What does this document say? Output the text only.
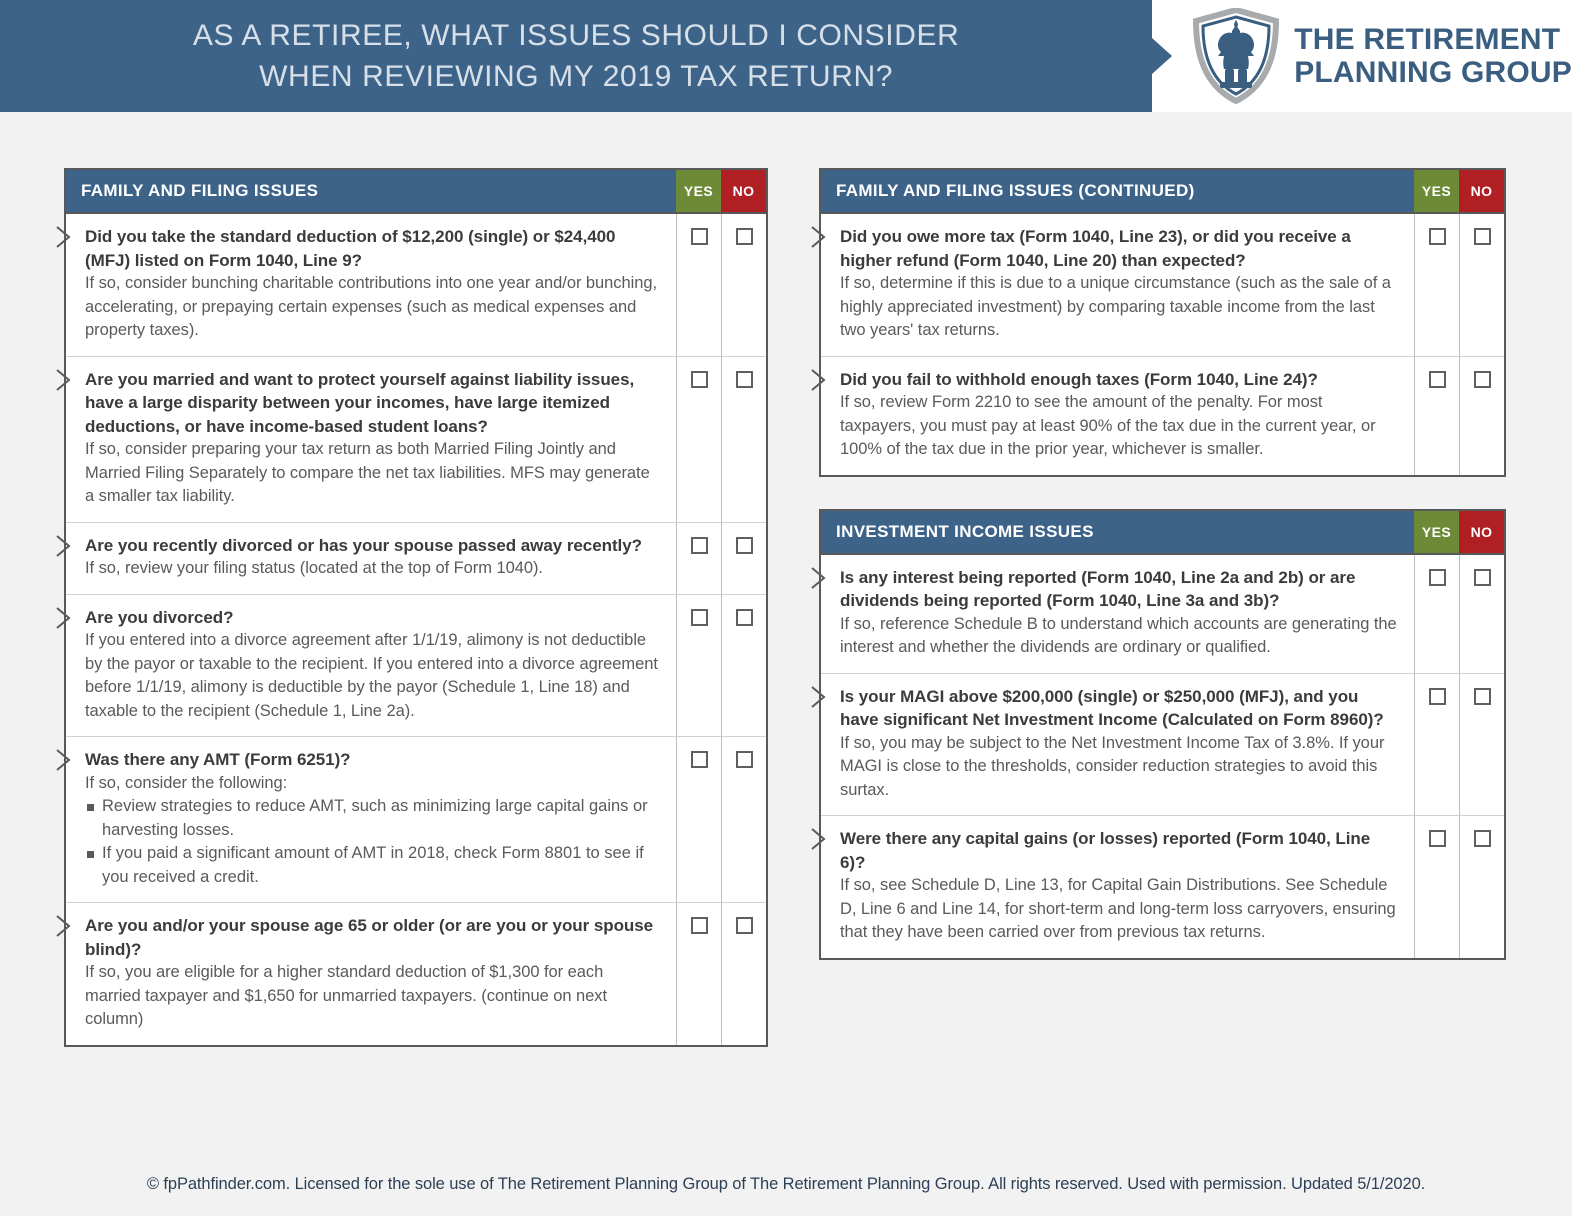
AS A RETIREE, WHAT ISSUES SHOULD I CONSIDER
WHEN REVIEWING MY 2019 TAX RETURN?
THE RETIREMENT
PLANNING GROUP
FAMILY AND FILING ISSUES	YES	NO
Did you take the standard deduction of $12,200 (single) or $24,400 (MFJ) listed on Form 1040, Line 9?
If so, consider bunching charitable contributions into one year and/or bunching, accelerating, or prepaying certain expenses (such as medical expenses and property taxes).
Are you married and want to protect yourself against liability issues, have a large disparity between your incomes, have large itemized deductions, or have income-based student loans?
If so, consider preparing your tax return as both Married Filing Jointly and Married Filing Separately to compare the net tax liabilities. MFS may generate a smaller tax liability.
Are you recently divorced or has your spouse passed away recently?
If so, review your filing status (located at the top of Form 1040).
Are you divorced?
If you entered into a divorce agreement after 1/1/19, alimony is not deductible by the payor or taxable to the recipient. If you entered into a divorce agreement before 1/1/19, alimony is deductible by the payor (Schedule 1, Line 18) and taxable to the recipient (Schedule 1, Line 2a).
Was there any AMT (Form 6251)?
If so, consider the following:
Review strategies to reduce AMT, such as minimizing large capital gains or harvesting losses.
If you paid a significant amount of AMT in 2018, check Form 8801 to see if you received a credit.
Are you and/or your spouse age 65 or older (or are you or your spouse blind)?
If so, you are eligible for a higher standard deduction of $1,300 for each married taxpayer and $1,650 for unmarried taxpayers. (continue on next column)
FAMILY AND FILING ISSUES (CONTINUED)	YES	NO
Did you owe more tax (Form 1040, Line 23), or did you receive a higher refund (Form 1040, Line 20) than expected?
If so, determine if this is due to a unique circumstance (such as the sale of a highly appreciated investment) by comparing taxable income from the last two years' tax returns.
Did you fail to withhold enough taxes (Form 1040, Line 24)?
If so, review Form 2210 to see the amount of the penalty. For most taxpayers, you must pay at least 90% of the tax due in the current year, or 100% of the tax due in the prior year, whichever is smaller.
INVESTMENT INCOME ISSUES	YES	NO
Is any interest being reported (Form 1040, Line 2a and 2b) or are dividends being reported (Form 1040, Line 3a and 3b)?
If so, reference Schedule B to understand which accounts are generating the interest and whether the dividends are ordinary or qualified.
Is your MAGI above $200,000 (single) or $250,000 (MFJ), and you have significant Net Investment Income (Calculated on Form 8960)?
If so, you may be subject to the Net Investment Income Tax of 3.8%. If your MAGI is close to the thresholds, consider reduction strategies to avoid this surtax.
Were there any capital gains (or losses) reported (Form 1040, Line 6)?
If so, see Schedule D, Line 13, for Capital Gain Distributions. See Schedule D, Line 6 and Line 14, for short-term and long-term loss carryovers, ensuring that they have been carried over from previous tax returns.
© fpPathfinder.com. Licensed for the sole use of The Retirement Planning Group of The Retirement Planning Group. All rights reserved. Used with permission. Updated 5/1/2020.
